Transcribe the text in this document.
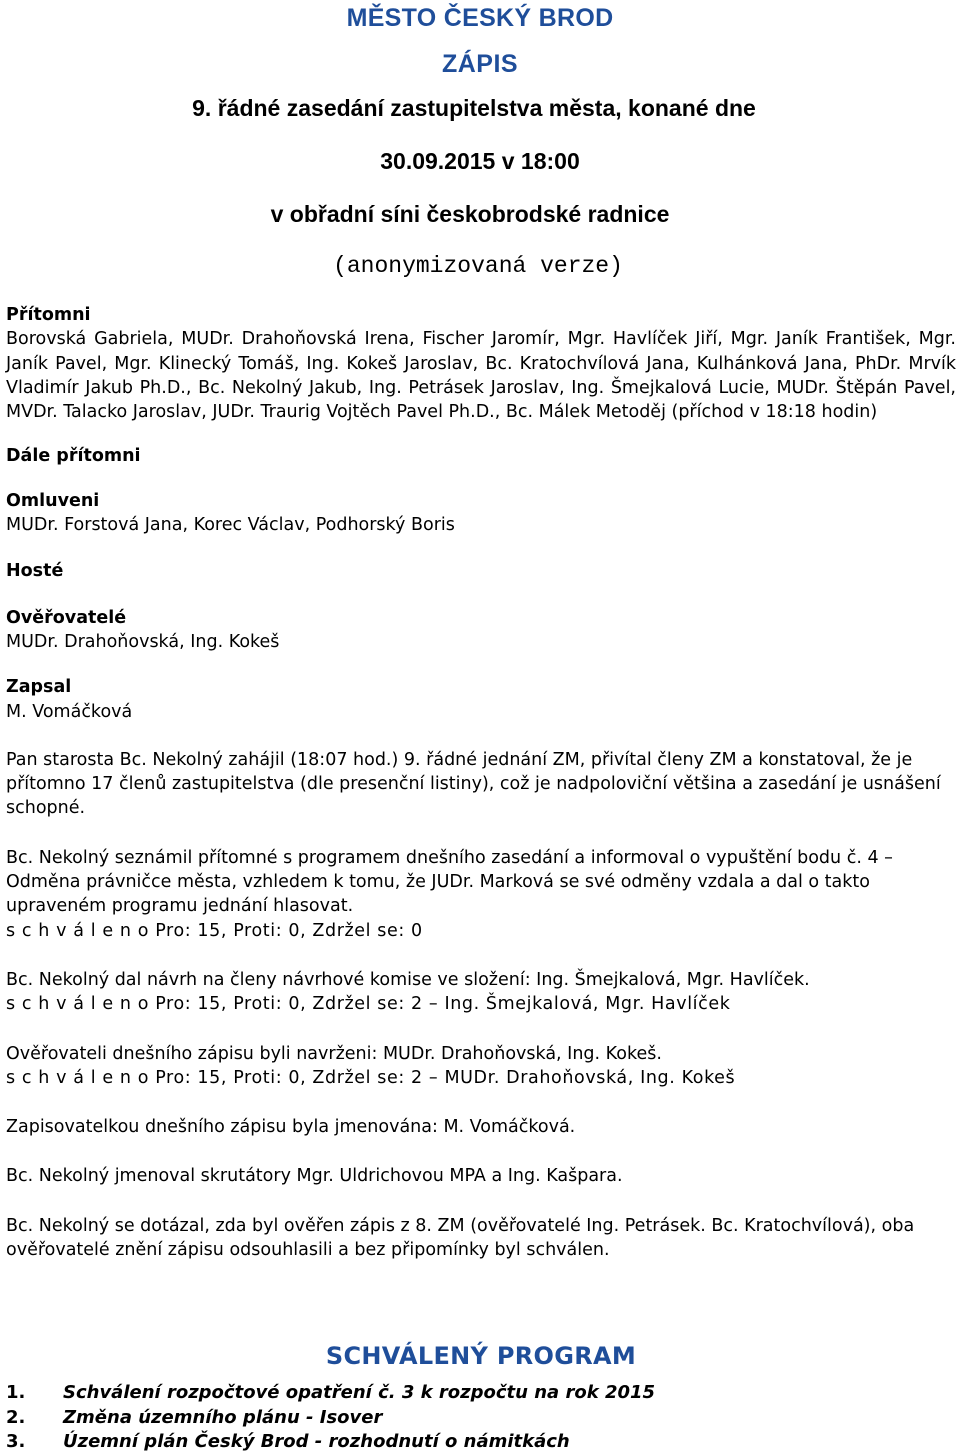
MĚSTO ČESKÝ BROD
ZÁPIS
9. řádné zasedání zastupitelstva města, konané dne
30.09.2015 v 18:00
v obřadní síni českobrodské radnice
(anonymizovaná verze)

Přítomni

Borovská Gabriela, MUDr. Drahoňovská Irena, Fischer Jaromír, Mgr. Havlíček Jiří, Mgr. Janík František, Mgr. Janík Pavel, Mgr. Klinecký Tomáš, Ing. Kokeš Jaroslav, Bc. Kratochvílová Jana, Kulhánková Jana, PhDr. Mrvík Vladimír Jakub Ph.D., Bc. Nekolný Jakub, Ing. Petrásek Jaroslav, Ing. Šmejkalová Lucie, MUDr. Štěpán Pavel, MVDr. Talacko Jaroslav, JUDr. Traurig Vojtěch Pavel Ph.D., Bc. Málek Metoděj (příchod v 18:18 hodin)

Dále přítomni

Omluveni

MUDr. Forstová Jana, Korec Václav, Podhorský Boris

Hosté

Ověřovatelé

MUDr. Drahoňovská, Ing. Kokeš

Zapsal

M. Vomáčková

Pan starosta Bc. Nekolný zahájil (18:07 hod.) 9. řádné jednání ZM, přivítal členy ZM a konstatoval, že je přítomno 17 členů zastupitelstva (dle presenční listiny), což je nadpoloviční většina a zasedání je usnášení schopné.

Bc. Nekolný seznámil přítomné s programem dnešního zasedání a informoval o vypuštění bodu č. 4 – Odměna právničce města, vzhledem k tomu, že JUDr. Marková se své odměny vzdala a dal o takto upraveném programu jednání hlasovat.

s c h v á l e n o Pro: 15, Proti: 0, Zdržel se: 0

Bc. Nekolný dal návrh na členy návrhové komise ve složení: Ing. Šmejkalová, Mgr. Havlíček.

s c h v á l e n o Pro: 15, Proti: 0, Zdržel se: 2 – Ing. Šmejkalová, Mgr. Havlíček

Ověřovateli dnešního zápisu byli navrženi: MUDr. Drahoňovská, Ing. Kokeš.

s c h v á l e n o Pro: 15, Proti: 0, Zdržel se: 2 – MUDr. Drahoňovská, Ing. Kokeš

Zapisovatelkou dnešního zápisu byla jmenována: M. Vomáčková.

Bc. Nekolný jmenoval skrutátory Mgr. Uldrichovou MPA a Ing. Kašpara.

Bc. Nekolný se dotázal, zda byl ověřen zápis z 8. ZM (ověřovatelé Ing. Petrásek. Bc. Kratochvílová), oba ověřovatelé znění zápisu odsouhlasili a bez připomínky byl schválen.

SCHVÁLENÝ PROGRAM
1.	Schválení rozpočtové opatření č. 3 k rozpočtu na rok 2015
2.	Změna územního plánu - Isover
3.	Územní plán Český Brod - rozhodnutí o námitkách
